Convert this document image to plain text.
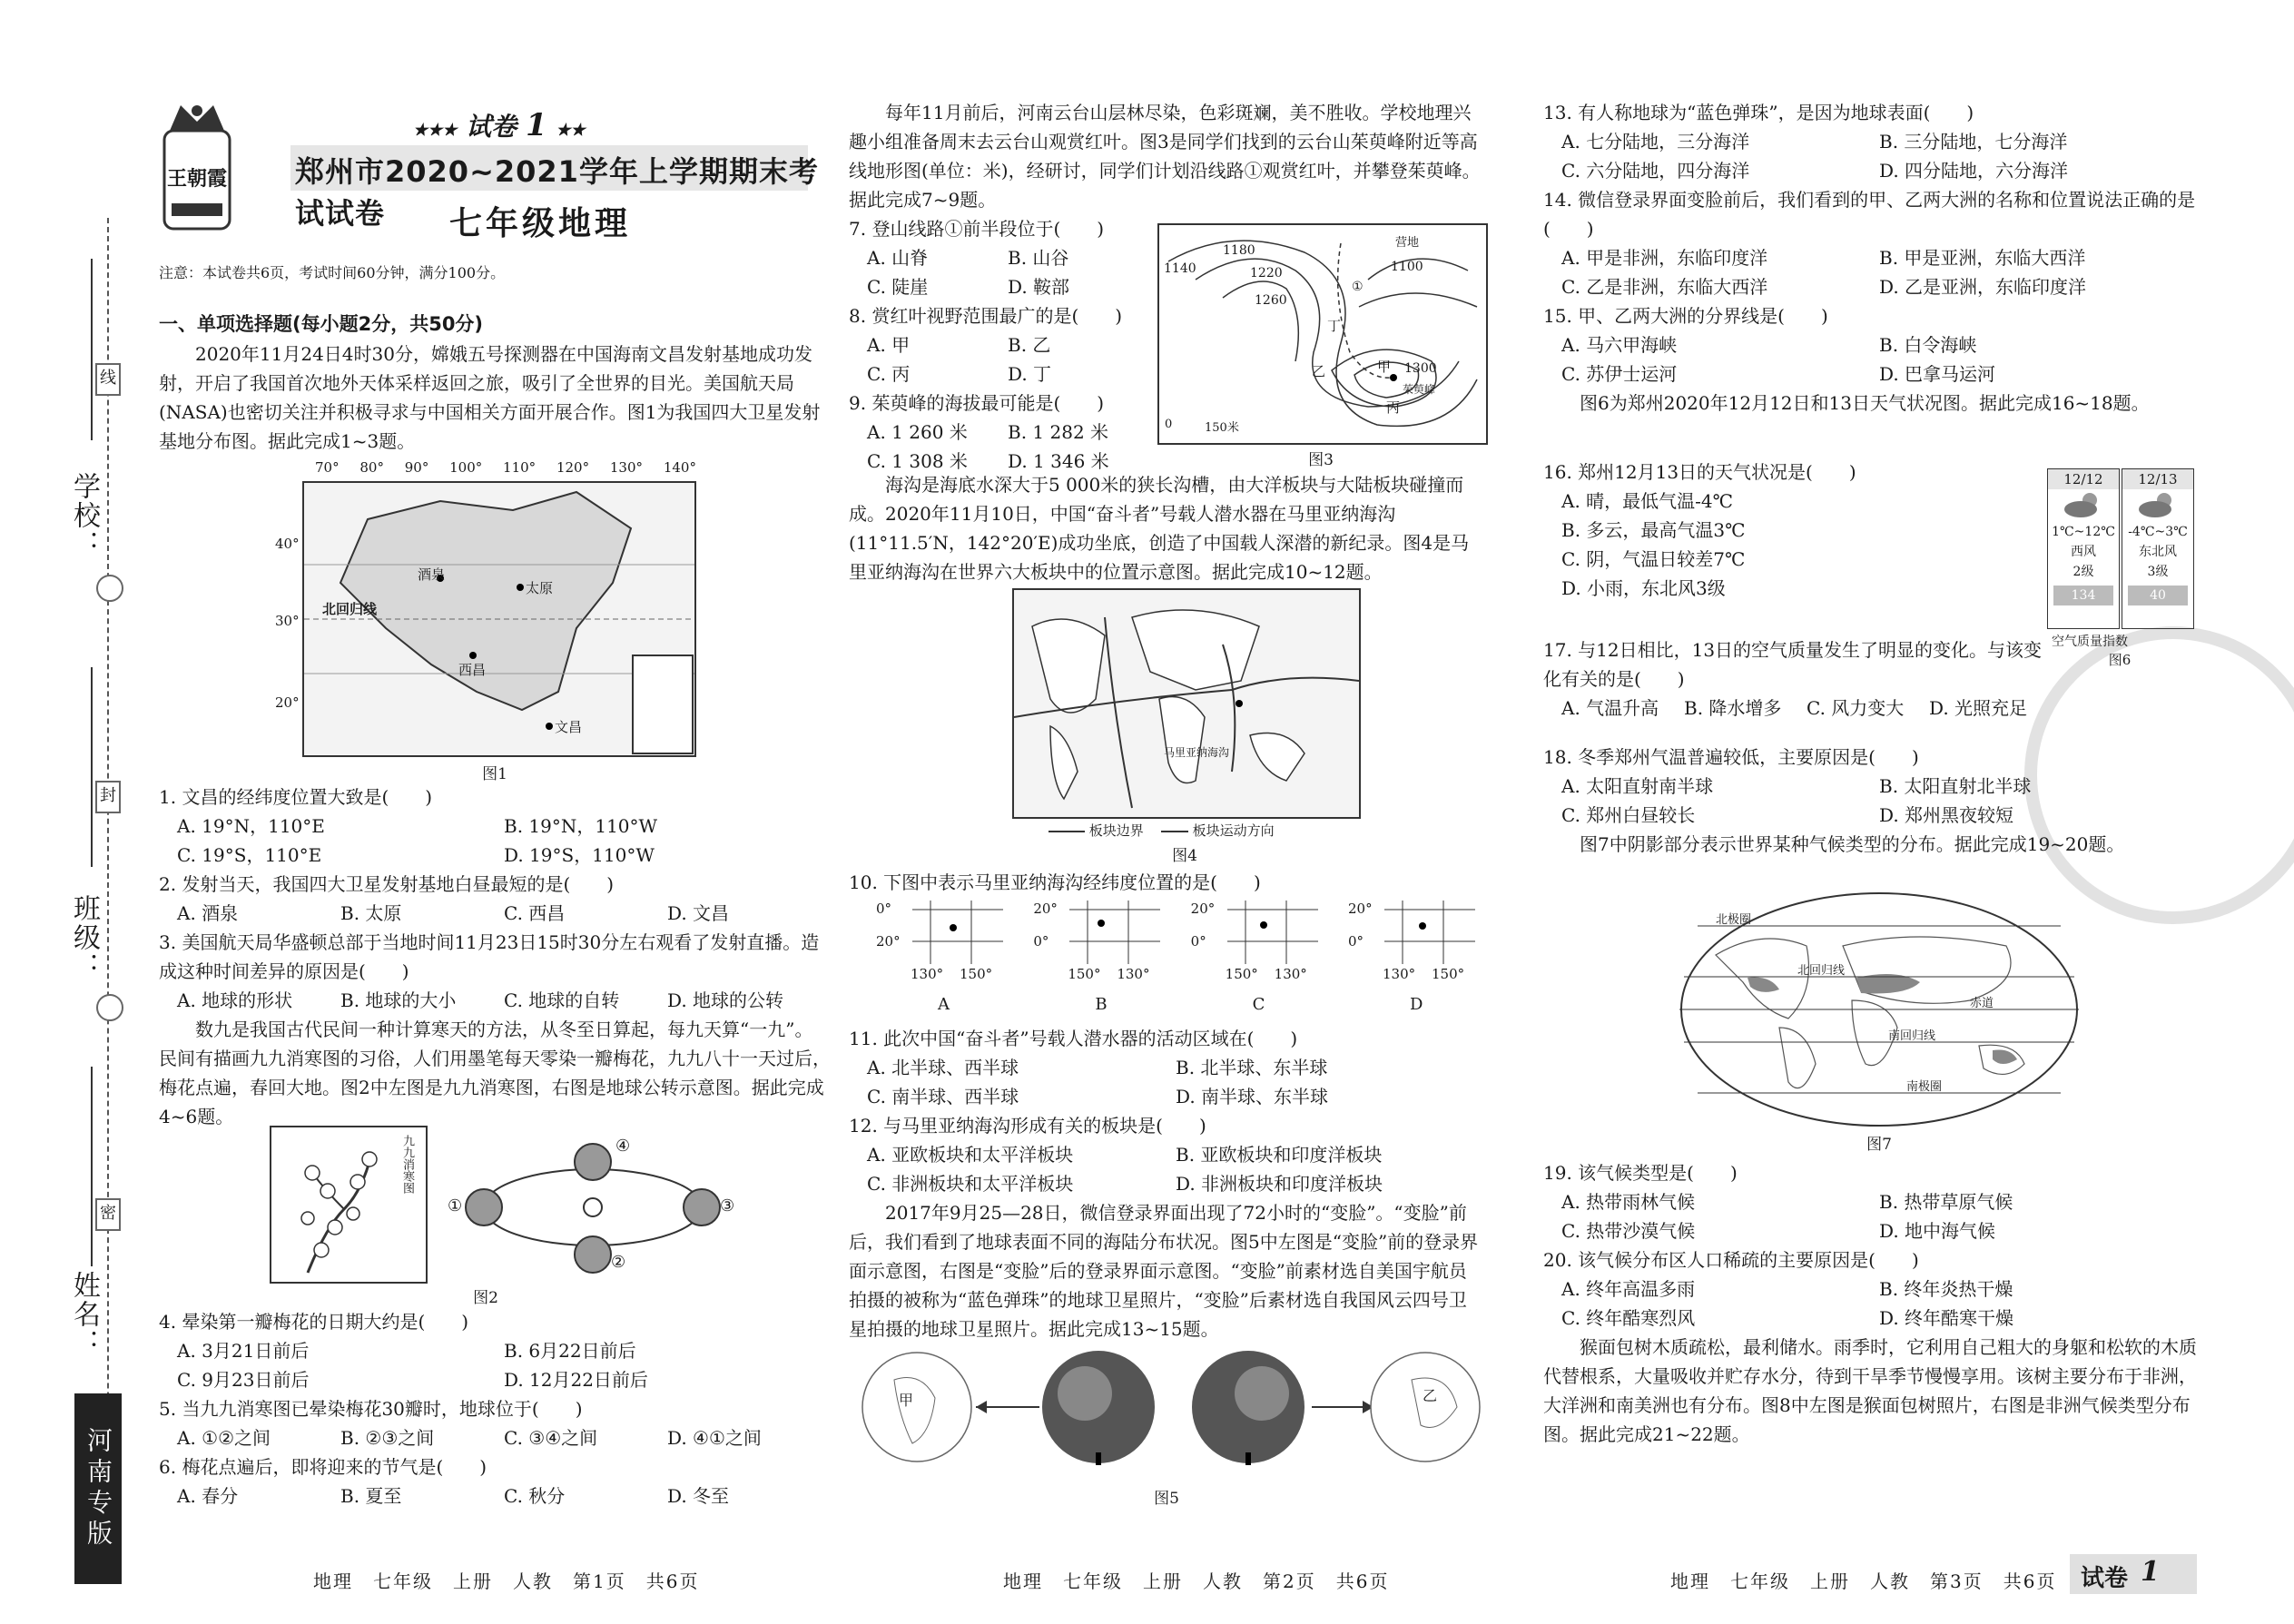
学校：
线
班级：
封
姓名：
密
河南专版
王朝霞
★★★ 试卷 1 ★★
郑州市2020~2021学年上学期期末考试试卷	七年级地理
注意：本试卷共6页，考试时间60分钟，满分100分。

一、单项选择题(每小题2分，共50分)

2020年11月24日4时30分，嫦娥五号探测器在中国海南文昌发射基地成功发射，开启了我国首次地外天体采样返回之旅，吸引了全世界的目光。美国航天局(NASA)也密切关注并积极寻求与中国相关方面开展合作。图1为我国四大卫星发射基地分布图。据此完成1~3题。

酒泉
太原
西昌
文昌
北回归线
70° 80° 90° 100° 110° 120° 130° 140°
40°
30°
20°
图1

1. 文昌的经纬度位置大致是(　　)

A. 19°N，110°E	B. 19°N，110°W
C. 19°S，110°E	D. 19°S，110°W

2. 发射当天，我国四大卫星发射基地白昼最短的是(　　)

A. 酒泉	B. 太原	C. 西昌	D. 文昌

3. 美国航天局华盛顿总部于当地时间11月23日15时30分左右观看了发射直播。造成这种时间差异的原因是(　　)

A. 地球的形状	B. 地球的大小	C. 地球的自转	D. 地球的公转

数九是我国古代民间一种计算寒天的方法，从冬至日算起，每九天算“一九”。民间有描画九九消寒图的习俗，人们用墨笔每天零染一瓣梅花，九九八十一天过后，梅花点遍，春回大地。图2中左图是九九消寒图，右图是地球公转示意图。据此完成4~6题。

九九消寒图
①
②
③
④
图2

4. 晕染第一瓣梅花的日期大约是(　　)

A. 3月21日前后	B. 6月22日前后
C. 9月23日前后	D. 12月22日前后

5. 当九九消寒图已晕染梅花30瓣时，地球位于(　　)

A. ①②之间	B. ②③之间	C. ③④之间	D. ④①之间

6. 梅花点遍后，即将迎来的节气是(　　)

A. 春分	B. 夏至	C. 秋分	D. 冬至
地理　七年级　上册　人教　第1页　共6页

每年11月前后，河南云台山层林尽染，色彩斑斓，美不胜收。学校地理兴趣小组准备周末去云台山观赏红叶。图3是同学们找到的云台山茱萸峰附近等高线地形图(单位：米)，经研讨，同学们计划沿线路①观赏红叶，并攀登茱萸峰。据此完成7~9题。

7. 登山线路①前半段位于(　　)

A. 山脊	B. 山谷
C. 陡崖	D. 鞍部

8. 赏红叶视野范围最广的是(　　)

A. 甲	B. 乙
C. 丙	D. 丁

9. 茱萸峰的海拔最可能是(　　)

A. 1 260 米	B. 1 282 米
C. 1 308 米	D. 1 346 米
1140
1180
1220
1260
1100
1300
甲
乙
丙
丁
营地
茱萸峰
①
0	150米
图3

海沟是海底水深大于5 000米的狭长沟槽，由大洋板块与大陆板块碰撞而成。2020年11月10日，中国“奋斗者”号载人潜水器在马里亚纳海沟(11°11.5′N，142°20′E)成功坐底，创造了中国载人深潜的新纪录。图4是马里亚纳海沟在世界六大板块中的位置示意图。据此完成10~12题。

马里亚纳海沟
板块边界	板块运动方向
图4

10. 下图中表示马里亚纳海沟经纬度位置的是(　　)

0°
20°
130° 150°
A
20°
0°
150° 130°
B
20°
0°
150° 130°
C
20°
0°
130° 150°
D

11. 此次中国“奋斗者”号载人潜水器的活动区域在(　　)

A. 北半球、西半球	B. 北半球、东半球
C. 南半球、西半球	D. 南半球、东半球

12. 与马里亚纳海沟形成有关的板块是(　　)

A. 亚欧板块和太平洋板块	B. 亚欧板块和印度洋板块
C. 非洲板块和太平洋板块	D. 非洲板块和印度洋板块

2017年9月25—28日，微信登录界面出现了72小时的“变脸”。“变脸”前后，我们看到了地球表面不同的海陆分布状况。图5中左图是“变脸”前的登录界面示意图，右图是“变脸”后的登录界面示意图。“变脸”前素材选自美国宇航员拍摄的被称为“蓝色弹珠”的地球卫星照片，“变脸”后素材选自我国风云四号卫星拍摄的地球卫星照片。据此完成13~15题。

甲	乙
图5
地理　七年级　上册　人教　第2页　共6页

13. 有人称地球为“蓝色弹珠”，是因为地球表面(　　)

A. 七分陆地，三分海洋	B. 三分陆地，七分海洋
C. 六分陆地，四分海洋	D. 四分陆地，六分海洋

14. 微信登录界面变脸前后，我们看到的甲、乙两大洲的名称和位置说法正确的是(　　)

A. 甲是非洲，东临印度洋	B. 甲是亚洲，东临大西洋
C. 乙是非洲，东临大西洋	D. 乙是亚洲，东临印度洋

15. 甲、乙两大洲的分界线是(　　)

A. 马六甲海峡	B. 白令海峡
C. 苏伊士运河	D. 巴拿马运河

图6为郑州2020年12月12日和13日天气状况图。据此完成16~18题。

16. 郑州12月13日的天气状况是(　　)

A. 晴，最低气温-4℃
B. 多云，最高气温3℃
C. 阴，气温日较差7℃
D. 小雨，东北风3级
12/12
1℃~12℃
西风
2级
134
12/13
-4℃~3℃
东北风
3级
40
空气质量指数
图6

17. 与12日相比，13日的空气质量发生了明显的变化。与该变化有关的是(　　)

A. 气温升高	B. 降水增多	C. 风力变大	D. 光照充足

18. 冬季郑州气温普遍较低，主要原因是(　　)

A. 太阳直射南半球	B. 太阳直射北半球
C. 郑州白昼较长	D. 郑州黑夜较短

图7中阴影部分表示世界某种气候类型的分布。据此完成19~20题。

北极圈
北回归线
赤道
南回归线
南极圈
图7

19. 该气候类型是(　　)

A. 热带雨林气候	B. 热带草原气候
C. 热带沙漠气候	D. 地中海气候

20. 该气候分布区人口稀疏的主要原因是(　　)

A. 终年高温多雨	B. 终年炎热干燥
C. 终年酷寒烈风	D. 终年酷寒干燥

猴面包树木质疏松，最利储水。雨季时，它利用自己粗大的身躯和松软的木质代替根系，大量吸收并贮存水分，待到干旱季节慢慢享用。该树主要分布于非洲，大洋洲和南美洲也有分布。图8中左图是猴面包树照片，右图是非洲气候类型分布图。据此完成21~22题。

地理　七年级　上册　人教　第3页　共6页 试卷 1
